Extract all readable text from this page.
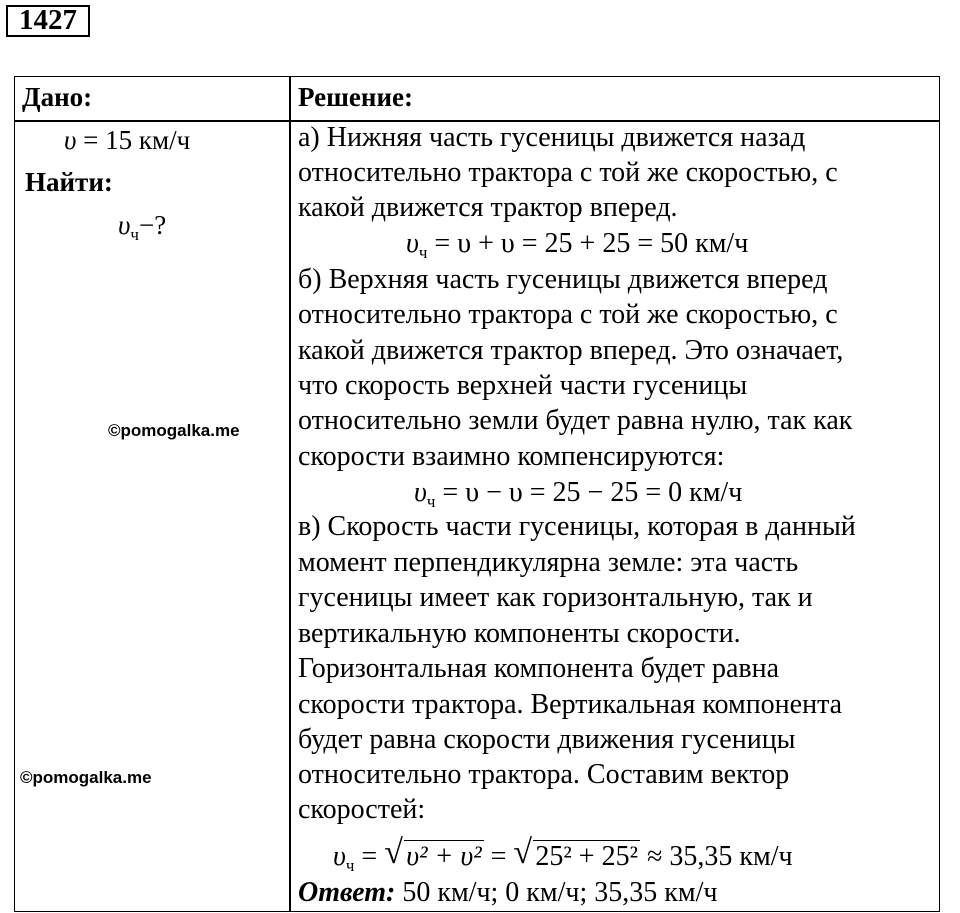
1427
Дано:
υ = 15 км/ч
Найти:
$\upsilon_ч-$?
©pomogalka.me
©pomogalka.me
Решение:
а) Нижняя часть гусеницы движется назад
относительно трактора с той же скоростью, с
какой движется трактор вперед.
$\upsilon_ч = \upsilon + \upsilon = 25 + 25 = 50$ км/ч
б) Верхняя часть гусеницы движется вперед
относительно трактора с той же скоростью, с
какой движется трактор вперед. Это означает,
что скорость верхней части гусеницы
относительно земли будет равна нулю, так как
скорости взаимно компенсируются:
$\upsilon_ч = \upsilon - \upsilon = 25 - 25 = 0$ км/ч
в) Скорость части гусеницы, которая в данный
момент перпендикулярна земле: эта часть
гусеницы имеет как горизонтальную, так и
вертикальную компоненты скорости.
Горизонтальная компонента будет равна
скорости трактора. Вертикальная компонента
будет равна скорости движения гусеницы
относительно трактора. Составим вектор
скоростей:
$\upsilon_ч$ = √ υ² + υ² = √ 25² + 25² ≈ 35,35 км/ч
Ответ: 50 км/ч; 0 км/ч; 35,35 км/ч
